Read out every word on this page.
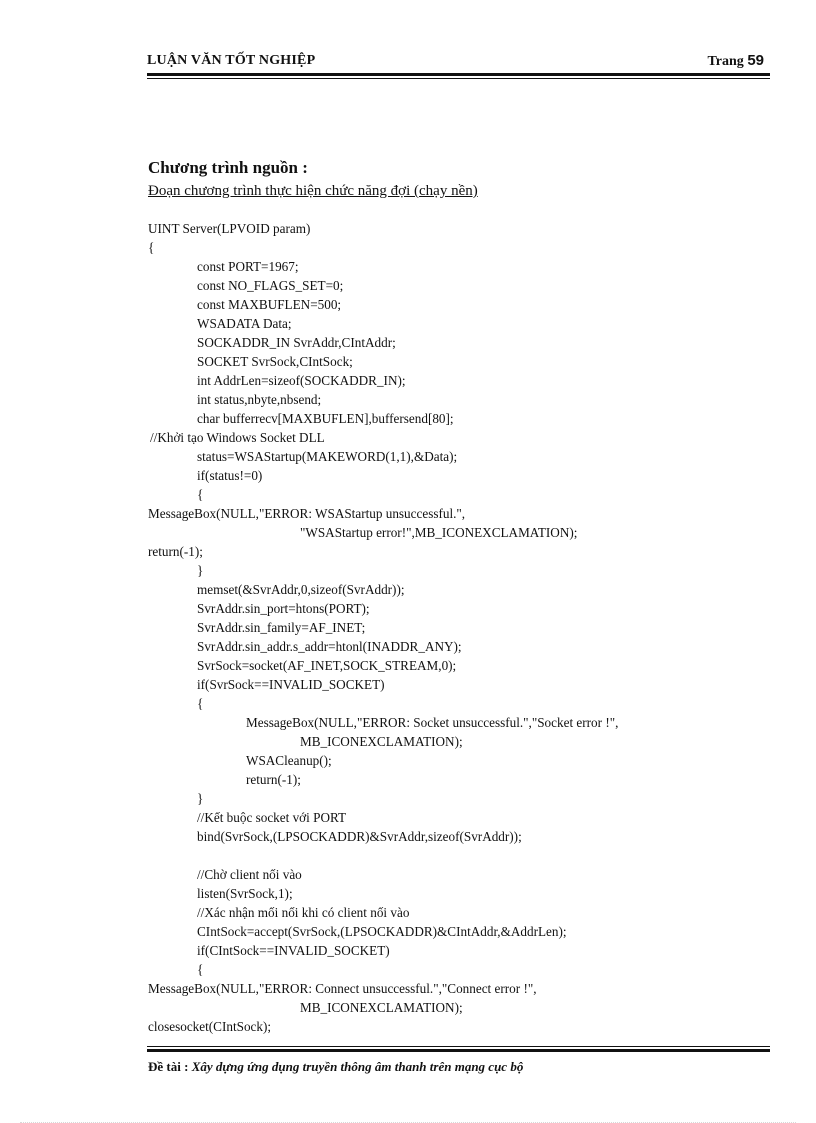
LUẬN VĂN TỐT NGHIỆP	Trang 59
Chương trình nguồn :
Đoạn chương trình thực hiện chức năng đợi (chạy nền)
UINT Server(LPVOID param)
{
const PORT=1967;
const NO_FLAGS_SET=0;
const MAXBUFLEN=500;
WSADATA Data;
SOCKADDR_IN SvrAddr,CIntAddr;
SOCKET SvrSock,CIntSock;
int AddrLen=sizeof(SOCKADDR_IN);
int status,nbyte,nbsend;
char bufferrecv[MAXBUFLEN],buffersend[80];
//Khởi tạo Windows Socket DLL
status=WSAStartup(MAKEWORD(1,1),&Data);
if(status!=0)
{
MessageBox(NULL,"ERROR: WSAStartup unsuccessful.",
"WSAStartup error!",MB_ICONEXCLAMATION);
return(-1);
}
memset(&SvrAddr,0,sizeof(SvrAddr));
SvrAddr.sin_port=htons(PORT);
SvrAddr.sin_family=AF_INET;
SvrAddr.sin_addr.s_addr=htonl(INADDR_ANY);
SvrSock=socket(AF_INET,SOCK_STREAM,0);
if(SvrSock==INVALID_SOCKET)
{
MessageBox(NULL,"ERROR: Socket unsuccessful.","Socket error !",
MB_ICONEXCLAMATION);
WSACleanup();
return(-1);
}
//Kết buộc socket với PORT
bind(SvrSock,(LPSOCKADDR)&SvrAddr,sizeof(SvrAddr));
//Chờ client nối vào
listen(SvrSock,1);
//Xác nhận mối nối khi có client nối vào
CIntSock=accept(SvrSock,(LPSOCKADDR)&CIntAddr,&AddrLen);
if(CIntSock==INVALID_SOCKET)
{
MessageBox(NULL,"ERROR: Connect unsuccessful.","Connect error !",
MB_ICONEXCLAMATION);
closesocket(CIntSock);
Đề tài : Xây dựng ứng dụng truyền thông âm thanh trên mạng cục bộ
